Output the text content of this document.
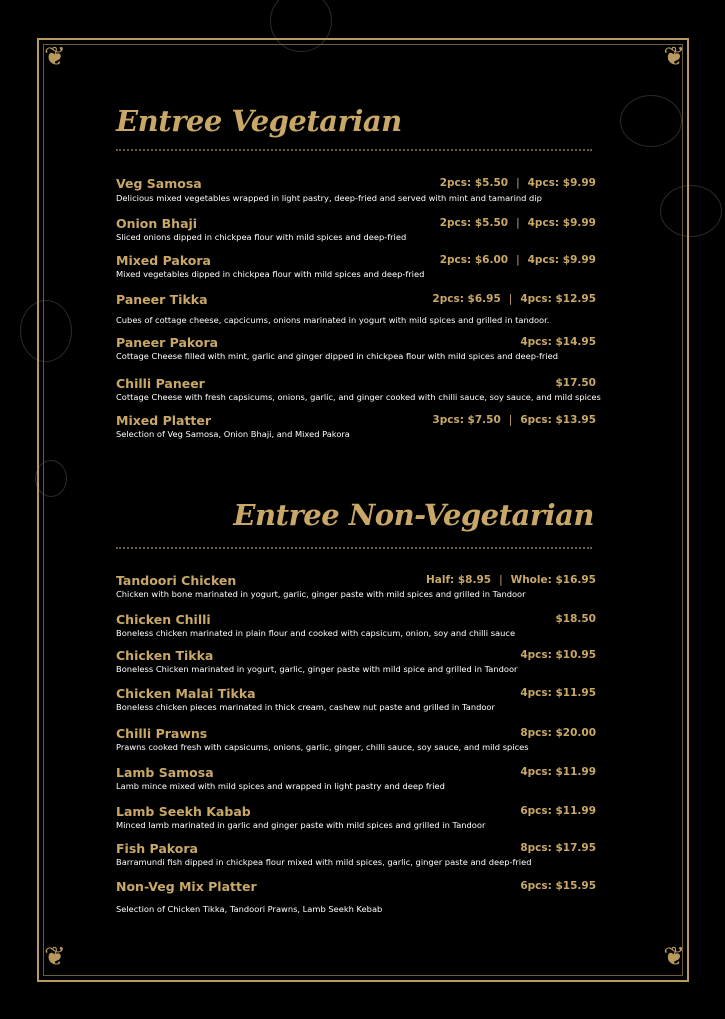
❦	❦
❦	❦
Entree Vegetarian
Veg Samosa	2pcs: $5.50 | 4pcs: $9.99
Delicious mixed vegetables wrapped in light pastry, deep-fried and served with mint and tamarind dip
Onion Bhaji	2pcs: $5.50 | 4pcs: $9.99
Sliced onions dipped in chickpea flour with mild spices and deep-fried
Mixed Pakora	2pcs: $6.00 | 4pcs: $9.99
Mixed vegetables dipped in chickpea flour with mild spices and deep-fried
Paneer Tikka	2pcs: $6.95 | 4pcs: $12.95
Cubes of cottage cheese, capcicums, onions marinated in yogurt with mild spices and grilled in tandoor.
Paneer Pakora	4pcs: $14.95
Cottage Cheese filled with mint, garlic and ginger dipped in chickpea flour with mild spices and deep-fried
Chilli Paneer	$17.50
Cottage Cheese with fresh capsicums, onions, garlic, and ginger cooked with chilli sauce, soy sauce, and mild spices
Mixed Platter	3pcs: $7.50 | 6pcs: $13.95
Selection of Veg Samosa, Onion Bhaji, and Mixed Pakora
Entree Non-Vegetarian
Tandoori Chicken	Half: $8.95 | Whole: $16.95
Chicken with bone marinated in yogurt, garlic, ginger paste with mild spices and grilled in Tandoor
Chicken Chilli	$18.50
Boneless chicken marinated in plain flour and cooked with capsicum, onion, soy and chilli sauce
Chicken Tikka	4pcs: $10.95
Boneless Chicken marinated in yogurt, garlic, ginger paste with mild spice and grilled in Tandoor
Chicken Malai Tikka	4pcs: $11.95
Boneless chicken pieces marinated in thick cream, cashew nut paste and grilled in Tandoor
Chilli Prawns	8pcs: $20.00
Prawns cooked fresh with capsicums, onions, garlic, ginger, chilli sauce, soy sauce, and mild spices
Lamb Samosa	4pcs: $11.99
Lamb mince mixed with mild spices and wrapped in light pastry and deep fried
Lamb Seekh Kabab	6pcs: $11.99
Minced lamb marinated in garlic and ginger paste with mild spices and grilled in Tandoor
Fish Pakora	8pcs: $17.95
Barramundi fish dipped in chickpea flour mixed with mild spices, garlic, ginger paste and deep-fried
Non-Veg Mix Platter	6pcs: $15.95
Selection of Chicken Tikka, Tandoori Prawns, Lamb Seekh Kebab
